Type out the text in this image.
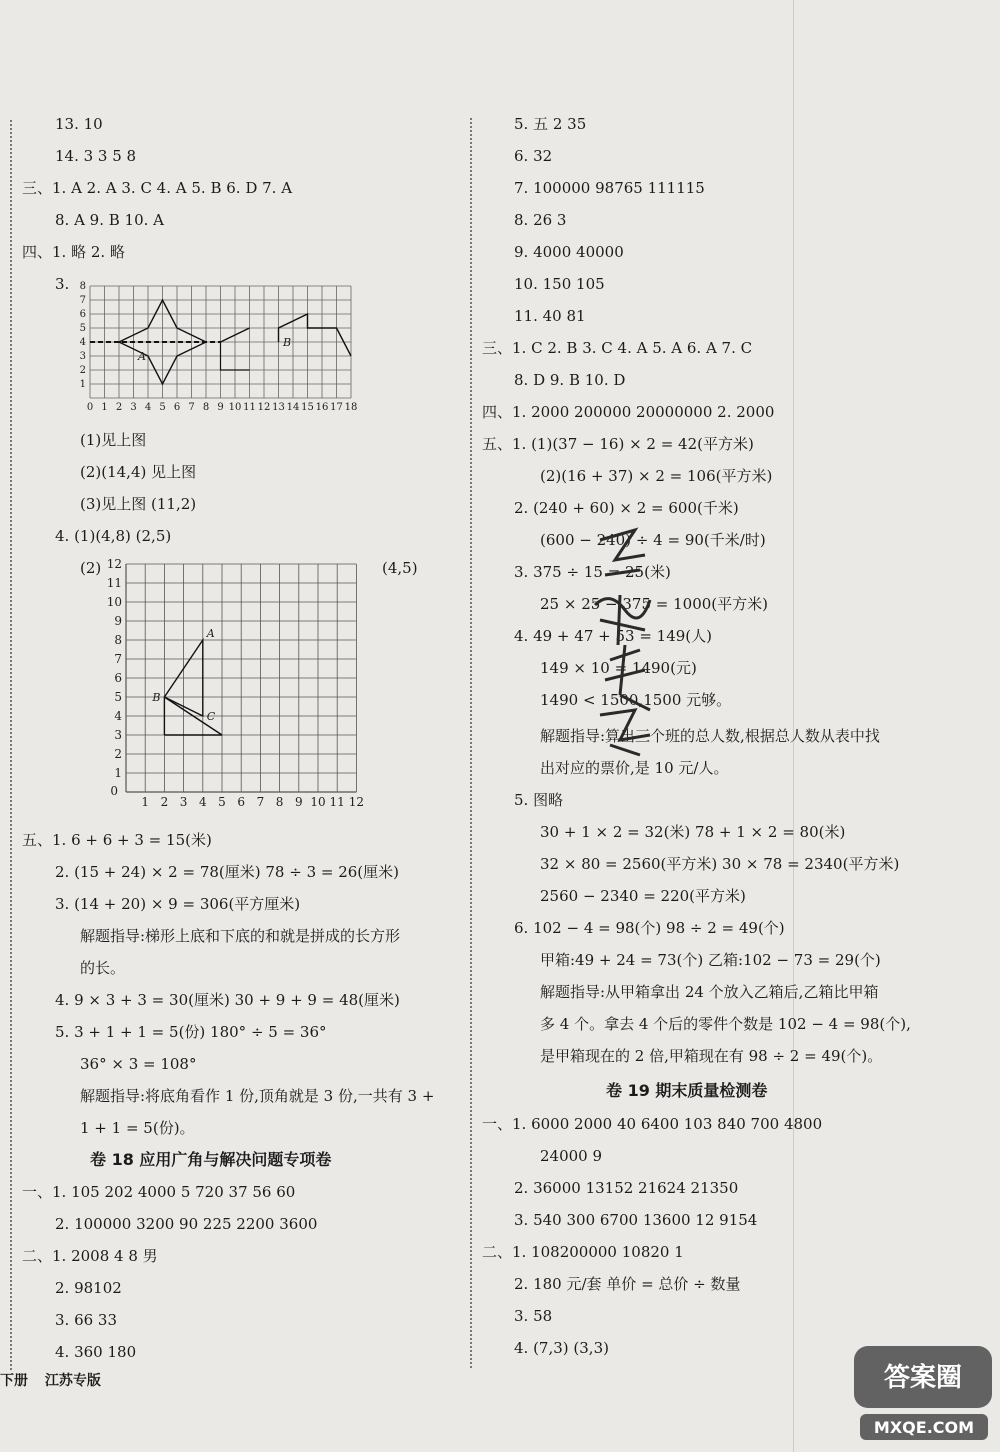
13. 10
14. 3 3 5 8
三、1. A 2. A 3. C 4. A 5. B 6. D 7. A
8. A 9. B 10. A
四、1. 略 2. 略
3.
(1)见上图
(2)(14,4) 见上图
(3)见上图 (11,2)
4. (1)(4,8) (2,5)
(2)	(4,5)
五、1. 6 + 6 + 3 = 15(米)
2. (15 + 24) × 2 = 78(厘米) 78 ÷ 3 = 26(厘米)
3. (14 + 20) × 9 = 306(平方厘米)
解题指导:梯形上底和下底的和就是拼成的长方形
的长。
4. 9 × 3 + 3 = 30(厘米) 30 + 9 + 9 = 48(厘米)
5. 3 + 1 + 1 = 5(份) 180° ÷ 5 = 36°
36° × 3 = 108°
解题指导:将底角看作 1 份,顶角就是 3 份,一共有 3 +
1 + 1 = 5(份)。
一、1. 105 202 4000 5 720 37 56 60
2. 100000 3200 90 225 2200 3600
二、1. 2008 4 8 男
2. 98102
3. 66 33
4. 360 180
5. 五 2 35
6. 32
7. 100000 98765 111115
8. 26 3
9. 4000 40000
10. 150 105
11. 40 81
三、1. C 2. B 3. C 4. A 5. A 6. A 7. C
8. D 9. B 10. D
四、1. 2000 200000 20000000 2. 2000
五、1. (1)(37 − 16) × 2 = 42(平方米)
(2)(16 + 37) × 2 = 106(平方米)
2. (240 + 60) × 2 = 600(千米)
(600 − 240) ÷ 4 = 90(千米/时)
3. 375 ÷ 15 = 25(米)
25 × 25 − 375 = 1000(平方米)
4. 49 + 47 + 53 = 149(人)
149 × 10 = 1490(元)
1490 < 1500,1500 元够。
解题指导:算出三个班的总人数,根据总人数从表中找
出对应的票价,是 10 元/人。
5. 图略
30 + 1 × 2 = 32(米) 78 + 1 × 2 = 80(米)
32 × 80 = 2560(平方米) 30 × 78 = 2340(平方米)
2560 − 2340 = 220(平方米)
6. 102 − 4 = 98(个) 98 ÷ 2 = 49(个)
甲箱:49 + 24 = 73(个) 乙箱:102 − 73 = 29(个)
解题指导:从甲箱拿出 24 个放入乙箱后,乙箱比甲箱
多 4 个。拿去 4 个后的零件个数是 102 − 4 = 98(个),
是甲箱现在的 2 倍,甲箱现在有 98 ÷ 2 = 49(个)。
一、1. 6000 2000 40 6400 103 840 700 4800
24000 9
2. 36000 13152 21624 21350
3. 540 300 6700 13600 12 9154
二、1. 108200000 10820 1
2. 180 元/套 单价 = 总价 ÷ 数量
3. 58
4. (7,3) (3,3)
卷 18 应用广角与解决问题专项卷
卷 19 期末质量检测卷
0 1 2 3 4 5 6 7 8 9 10 11 12 13 14 15 16 17 18
1
2
3
4
5
6
7
8
A
B
0
1 2 3 4 5 6 7 8 9 10 11 12
1
2
3
4
5
6
7
8
9
10
11
12
A
B
C
下册 江苏专版	答案圈
MXQE.COM
